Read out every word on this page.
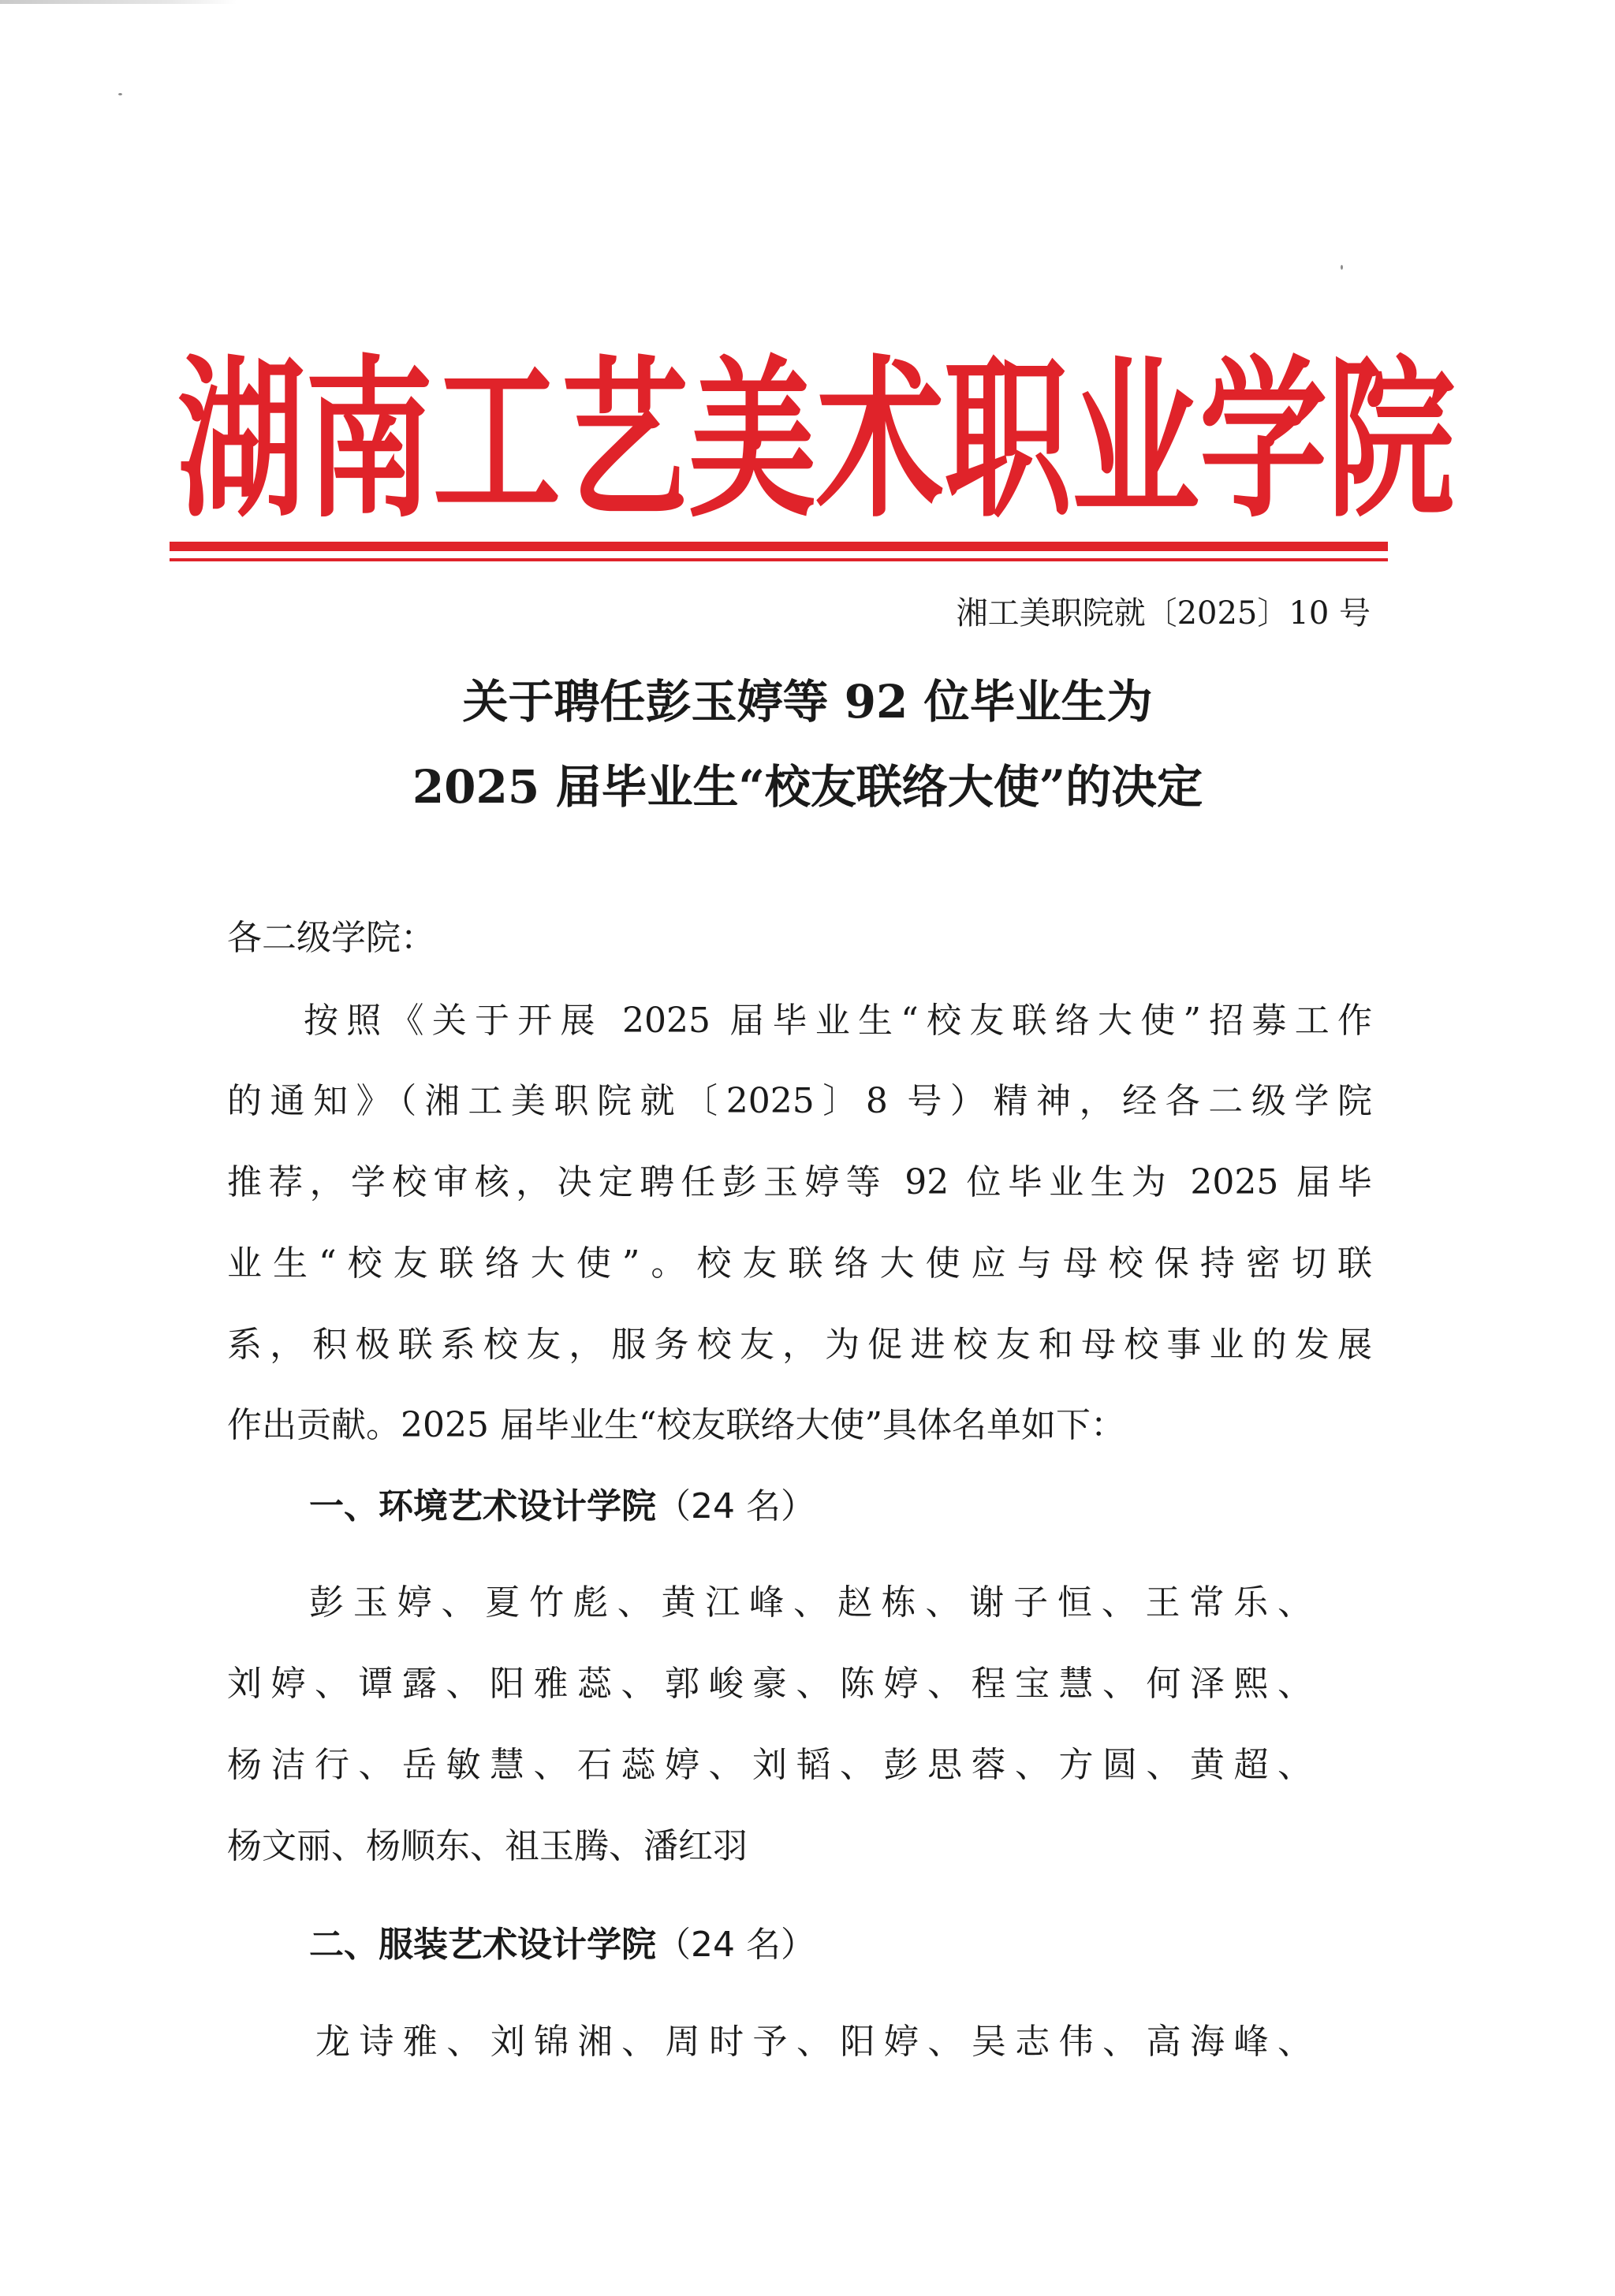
湖 南 工 艺 美 术 职 业 学 院
湘工美职院就〔2025〕10 号
关于聘任彭玉婷等 92 位毕业生为
2025 届毕业生“校友联络大使”的决定
各二级学院：
按照《关于开展 2025 届毕业生“校友联络大使”招募工作
的通知》（湘工美职院就〔2025〕8 号）精神，经各二级学院
推荐，学校审核，决定聘任彭玉婷等 92 位毕业生为 2025 届毕
业生“校友联络大使”。校友联络大使应与母校保持密切联
系，积极联系校友，服务校友，为促进校友和母校事业的发展
作出贡献。2025 届毕业生“校友联络大使”具体名单如下：
一、环境艺术设计学院（24 名）
彭玉婷、夏竹彪、黄江峰、赵栋、谢子恒、王常乐、
刘婷、谭露、阳雅蕊、郭峻豪、陈婷、程宝慧、何泽熙、
杨洁行、岳敏慧、石蕊婷、刘韬、彭思蓉、方圆、黄超、
杨文丽、杨顺东、祖玉腾、潘红羽
二、服装艺术设计学院（24 名）
龙诗雅、刘锦湘、周时予、阳婷、吴志伟、高海峰、
